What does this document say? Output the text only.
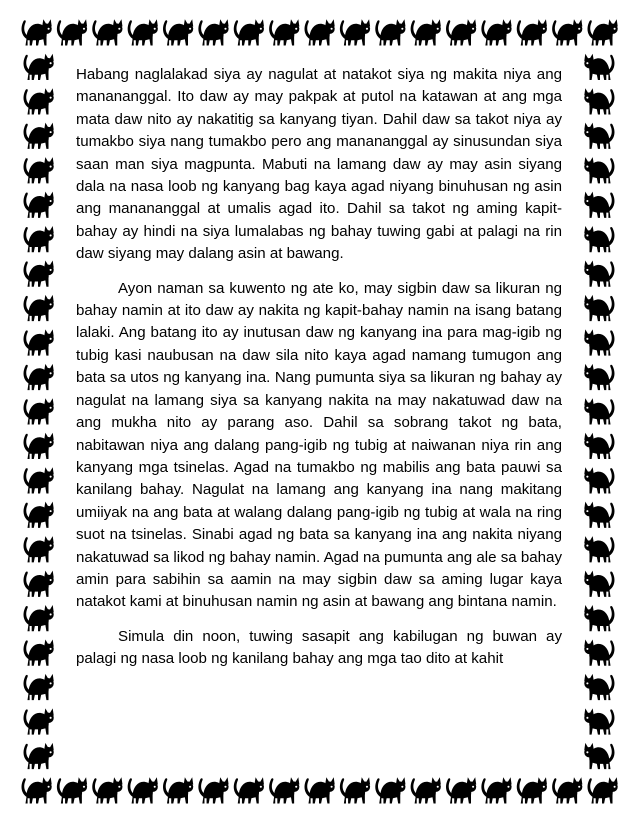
Habang naglalakad siya ay nagulat at natakot siya ng makita niya ang manananggal. Ito daw ay may pakpak at putol na katawan at ang mga mata daw nito ay nakatitig sa kanyang tiyan. Dahil daw sa takot niya ay tumakbo siya nang tumakbo pero ang manananggal ay sinusundan siya saan man siya magpunta. Mabuti na lamang daw ay may asin siyang dala na nasa loob ng kanyang bag kaya agad niyang binuhusan ng asin ang manananggal at umalis agad ito. Dahil sa takot ng aming kapit-bahay ay hindi na siya lumalabas ng bahay tuwing gabi at palagi na rin daw siyang may dalang asin at bawang.

Ayon naman sa kuwento ng ate ko, may sigbin daw sa likuran ng bahay namin at ito daw ay nakita ng kapit-bahay namin na isang batang lalaki. Ang batang ito ay inutusan daw ng kanyang ina para mag-igib ng tubig kasi naubusan na daw sila nito kaya agad namang tumugon ang bata sa utos ng kanyang ina. Nang pumunta siya sa likuran ng bahay ay nagulat na lamang siya sa kanyang nakita na may nakatuwad daw na ang mukha nito ay parang aso. Dahil sa sobrang takot ng bata, nabitawan niya ang dalang pang-igib ng tubig at naiwanan niya rin ang kanyang mga tsinelas. Agad na tumakbo ng mabilis ang bata pauwi sa kanilang bahay. Nagulat na lamang ang kanyang ina nang makitang umiiyak na ang bata at walang dalang pang-igib ng tubig at wala na ring suot na tsinelas. Sinabi agad ng bata sa kanyang ina ang nakita niyang nakatuwad sa likod ng bahay namin. Agad na pumunta ang ale sa bahay amin para sabihin sa aamin na may sigbin daw sa aming lugar kaya natakot kami at binuhusan namin ng asin at bawang ang bintana namin.

Simula din noon, tuwing sasapit ang kabilugan ng buwan ay palagi ng nasa loob ng kanilang bahay ang mga tao dito at kahit
